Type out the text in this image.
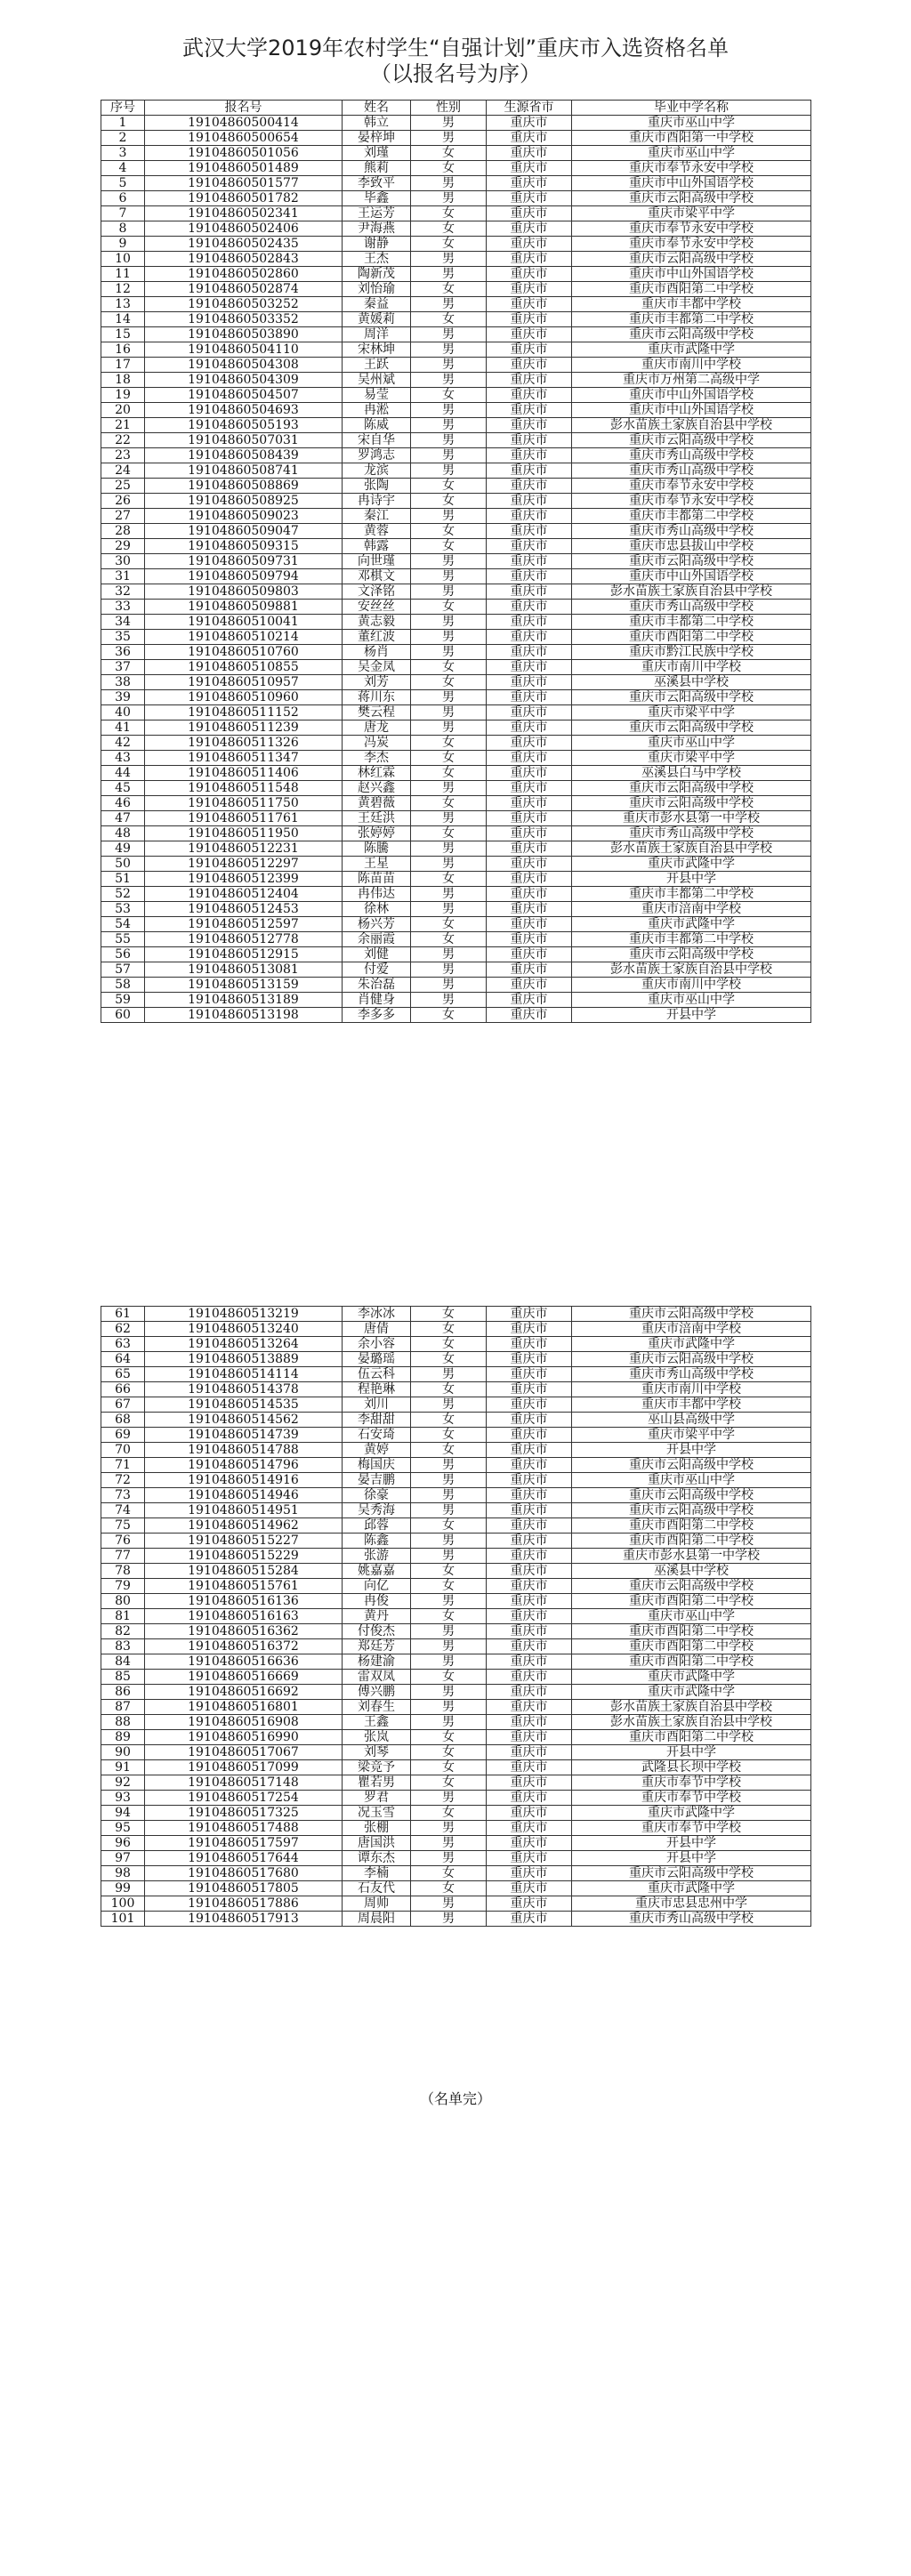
武汉大学2019年农村学生“自强计划”重庆市入选资格名单
（以报名号为序）
序号	报名号	姓名	性别	生源省市	毕业中学名称
1	19104860500414	韩立	男	重庆市	重庆市巫山中学
2	19104860500654	晏梓坤	男	重庆市	重庆市酉阳第一中学校
3	19104860501056	刘瑾	女	重庆市	重庆市巫山中学
4	19104860501489	熊莉	女	重庆市	重庆市奉节永安中学校
5	19104860501577	李致平	男	重庆市	重庆市中山外国语学校
6	19104860501782	毕鑫	男	重庆市	重庆市云阳高级中学校
7	19104860502341	王运芳	女	重庆市	重庆市梁平中学
8	19104860502406	尹海燕	女	重庆市	重庆市奉节永安中学校
9	19104860502435	谢静	女	重庆市	重庆市奉节永安中学校
10	19104860502843	王杰	男	重庆市	重庆市云阳高级中学校
11	19104860502860	陶新茂	男	重庆市	重庆市中山外国语学校
12	19104860502874	刘怡瑜	女	重庆市	重庆市酉阳第二中学校
13	19104860503252	秦益	男	重庆市	重庆市丰都中学校
14	19104860503352	黄媛莉	女	重庆市	重庆市丰都第二中学校
15	19104860503890	周洋	男	重庆市	重庆市云阳高级中学校
16	19104860504110	宋林坤	男	重庆市	重庆市武隆中学
17	19104860504308	王跃	男	重庆市	重庆市南川中学校
18	19104860504309	吴州斌	男	重庆市	重庆市万州第二高级中学
19	19104860504507	易莹	女	重庆市	重庆市中山外国语学校
20	19104860504693	冉淞	男	重庆市	重庆市中山外国语学校
21	19104860505193	陈威	男	重庆市	彭水苗族土家族自治县中学校
22	19104860507031	宋自华	男	重庆市	重庆市云阳高级中学校
23	19104860508439	罗鸿志	男	重庆市	重庆市秀山高级中学校
24	19104860508741	龙滨	男	重庆市	重庆市秀山高级中学校
25	19104860508869	张陶	女	重庆市	重庆市奉节永安中学校
26	19104860508925	冉诗宇	女	重庆市	重庆市奉节永安中学校
27	19104860509023	秦江	男	重庆市	重庆市丰都第二中学校
28	19104860509047	黄蓉	女	重庆市	重庆市秀山高级中学校
29	19104860509315	韩露	女	重庆市	重庆市忠县拔山中学校
30	19104860509731	向世瑾	男	重庆市	重庆市云阳高级中学校
31	19104860509794	邓棋文	男	重庆市	重庆市中山外国语学校
32	19104860509803	文泽铭	男	重庆市	彭水苗族土家族自治县中学校
33	19104860509881	安丝丝	女	重庆市	重庆市秀山高级中学校
34	19104860510041	黄志毅	男	重庆市	重庆市丰都第二中学校
35	19104860510214	董红波	男	重庆市	重庆市酉阳第二中学校
36	19104860510760	杨肖	男	重庆市	重庆市黔江民族中学校
37	19104860510855	吴金凤	女	重庆市	重庆市南川中学校
38	19104860510957	刘芳	女	重庆市	巫溪县中学校
39	19104860510960	蒋川东	男	重庆市	重庆市云阳高级中学校
40	19104860511152	樊云程	男	重庆市	重庆市梁平中学
41	19104860511239	唐龙	男	重庆市	重庆市云阳高级中学校
42	19104860511326	冯炭	女	重庆市	重庆市巫山中学
43	19104860511347	李杰	女	重庆市	重庆市梁平中学
44	19104860511406	林红霖	女	重庆市	巫溪县白马中学校
45	19104860511548	赵兴鑫	男	重庆市	重庆市云阳高级中学校
46	19104860511750	黄碧薇	女	重庆市	重庆市云阳高级中学校
47	19104860511761	王廷洪	男	重庆市	重庆市彭水县第一中学校
48	19104860511950	张婷婷	女	重庆市	重庆市秀山高级中学校
49	19104860512231	陈騰	男	重庆市	彭水苗族土家族自治县中学校
50	19104860512297	王星	男	重庆市	重庆市武隆中学
51	19104860512399	陈苗苗	女	重庆市	开县中学
52	19104860512404	冉伟达	男	重庆市	重庆市丰都第二中学校
53	19104860512453	徐林	男	重庆市	重庆市涪南中学校
54	19104860512597	杨兴芳	女	重庆市	重庆市武隆中学
55	19104860512778	余丽霞	女	重庆市	重庆市丰都第二中学校
56	19104860512915	刘健	男	重庆市	重庆市云阳高级中学校
57	19104860513081	付爱	男	重庆市	彭水苗族土家族自治县中学校
58	19104860513159	朱治磊	男	重庆市	重庆市南川中学校
59	19104860513189	肖健身	男	重庆市	重庆市巫山中学
60	19104860513198	李多多	女	重庆市	开县中学
61	19104860513219	李冰冰	女	重庆市	重庆市云阳高级中学校
62	19104860513240	唐倩	女	重庆市	重庆市涪南中学校
63	19104860513264	余小容	女	重庆市	重庆市武隆中学
64	19104860513889	晏璐瑶	女	重庆市	重庆市云阳高级中学校
65	19104860514114	伍云科	男	重庆市	重庆市秀山高级中学校
66	19104860514378	程艳琳	女	重庆市	重庆市南川中学校
67	19104860514535	刘川	男	重庆市	重庆市丰都中学校
68	19104860514562	李甜甜	女	重庆市	巫山县高级中学
69	19104860514739	石安琦	女	重庆市	重庆市梁平中学
70	19104860514788	黄婷	女	重庆市	开县中学
71	19104860514796	梅国庆	男	重庆市	重庆市云阳高级中学校
72	19104860514916	晏吉鹏	男	重庆市	重庆市巫山中学
73	19104860514946	徐豪	男	重庆市	重庆市云阳高级中学校
74	19104860514951	吴秀海	男	重庆市	重庆市云阳高级中学校
75	19104860514962	邱蓉	女	重庆市	重庆市酉阳第二中学校
76	19104860515227	陈鑫	男	重庆市	重庆市酉阳第二中学校
77	19104860515229	张游	男	重庆市	重庆市彭水县第一中学校
78	19104860515284	姚嘉嘉	女	重庆市	巫溪县中学校
79	19104860515761	向亿	女	重庆市	重庆市云阳高级中学校
80	19104860516136	冉俊	男	重庆市	重庆市酉阳第二中学校
81	19104860516163	黄丹	女	重庆市	重庆市巫山中学
82	19104860516362	付俊杰	男	重庆市	重庆市酉阳第二中学校
83	19104860516372	郑廷芳	男	重庆市	重庆市酉阳第二中学校
84	19104860516636	杨建渝	男	重庆市	重庆市酉阳第二中学校
85	19104860516669	雷双凤	女	重庆市	重庆市武隆中学
86	19104860516692	傅兴鹏	男	重庆市	重庆市武隆中学
87	19104860516801	刘春生	男	重庆市	彭水苗族土家族自治县中学校
88	19104860516908	王鑫	男	重庆市	彭水苗族土家族自治县中学校
89	19104860516990	张岚	女	重庆市	重庆市酉阳第二中学校
90	19104860517067	刘琴	女	重庆市	开县中学
91	19104860517099	梁竞予	女	重庆市	武隆县长坝中学校
92	19104860517148	瞿若男	女	重庆市	重庆市奉节中学校
93	19104860517254	罗君	男	重庆市	重庆市奉节中学校
94	19104860517325	况玉雪	女	重庆市	重庆市武隆中学
95	19104860517488	张棚	男	重庆市	重庆市奉节中学校
96	19104860517597	唐国洪	男	重庆市	开县中学
97	19104860517644	谭东杰	男	重庆市	开县中学
98	19104860517680	李楠	女	重庆市	重庆市云阳高级中学校
99	19104860517805	石友代	女	重庆市	重庆市武隆中学
100	19104860517886	周帅	男	重庆市	重庆市忠县忠州中学
101	19104860517913	周晨阳	男	重庆市	重庆市秀山高级中学校
（名单完）
